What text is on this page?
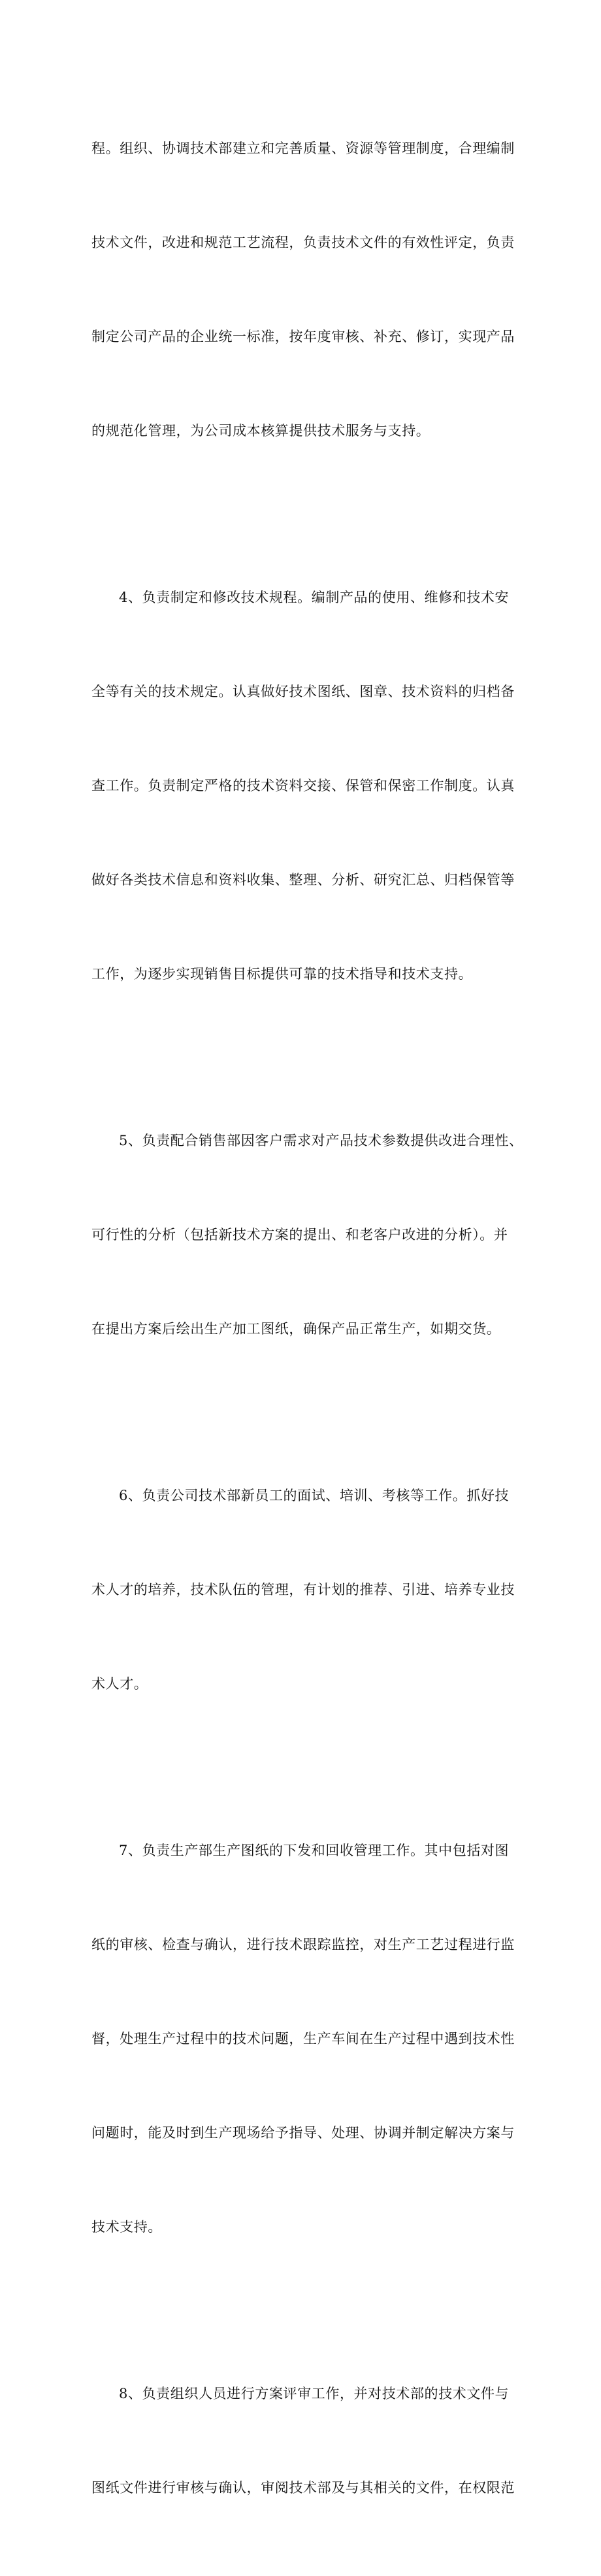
程。组织、协调技术部建立和完善质量、资源等管理制度，合理编制

技术文件，改进和规范工艺流程，负责技术文件的有效性评定，负责

制定公司产品的企业统一标准，按年度审核、补充、修订，实现产品

的规范化管理，为公司成本核算提供技术服务与支持。

4、负责制定和修改技术规程。编制产品的使用、维修和技术安

全等有关的技术规定。认真做好技术图纸、图章、技术资料的归档备

查工作。负责制定严格的技术资料交接、保管和保密工作制度。认真

做好各类技术信息和资料收集、整理、分析、研究汇总、归档保管等

工作，为逐步实现销售目标提供可靠的技术指导和技术支持。

5、负责配合销售部因客户需求对产品技术参数提供改进合理性、

可行性的分析（包括新技术方案的提出、和老客户改进的分析）。并

在提出方案后绘出生产加工图纸，确保产品正常生产，如期交货。

6、负责公司技术部新员工的面试、培训、考核等工作。抓好技

术人才的培养，技术队伍的管理，有计划的推荐、引进、培养专业技

术人才。

7、负责生产部生产图纸的下发和回收管理工作。其中包括对图

纸的审核、检查与确认，进行技术跟踪监控，对生产工艺过程进行监

督，处理生产过程中的技术问题，生产车间在生产过程中遇到技术性

问题时，能及时到生产现场给予指导、处理、协调并制定解决方案与

技术支持。

8、负责组织人员进行方案评审工作，并对技术部的技术文件与

图纸文件进行审核与确认，审阅技术部及与其相关的文件，在权限范
